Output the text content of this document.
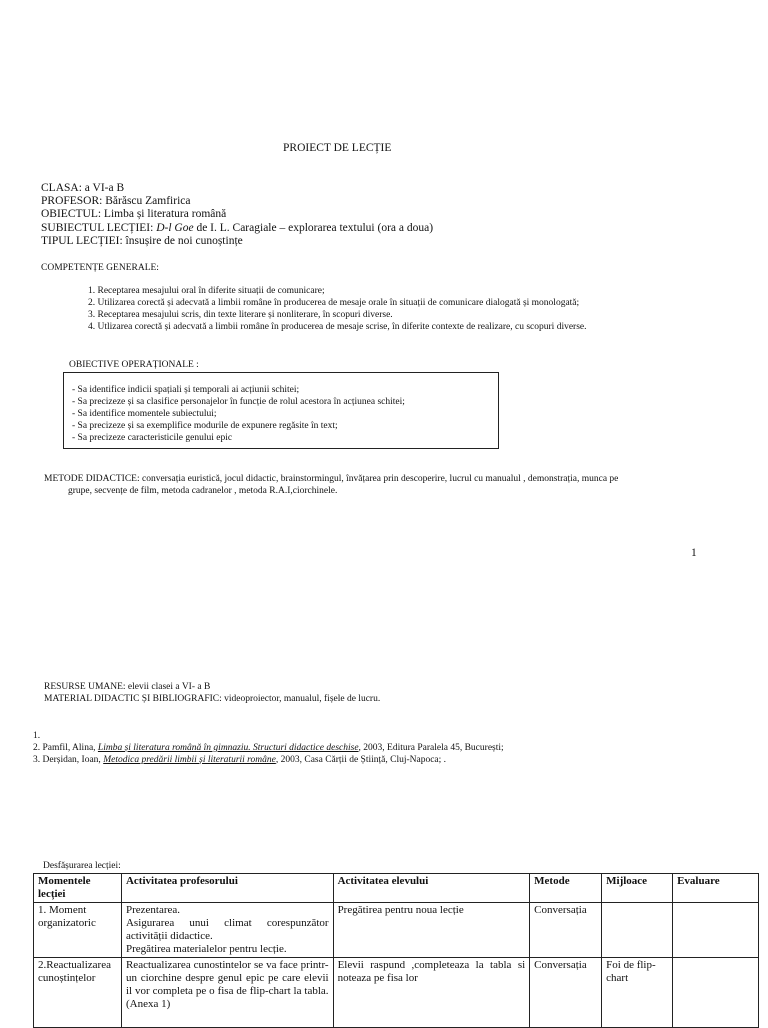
PROIECT DE LECȚIE
CLASA: a VI-a B
PROFESOR: Bărăscu Zamfirica
OBIECTUL: Limba și literatura română
SUBIECTUL LECȚIEI: D-l Goe de I. L. Caragiale – explorarea textului (ora a doua)
TIPUL LECȚIEI: însușire de noi cunoștințe
COMPETENȚE GENERALE:
1. Receptarea mesajului oral în diferite situații de comunicare;
2. Utilizarea corectă și adecvată a limbii române în producerea de mesaje orale în situații de comunicare dialogată și monologată;
3. Receptarea mesajului scris, din texte literare și nonliterare, în scopuri diverse.
4. Utlizarea corectă și adecvată a limbii române în producerea de mesaje scrise, în diferite contexte de realizare, cu scopuri diverse.
OBIECTIVE OPERAȚIONALE :
- Sa identifice indicii spațiali și temporali ai acțiunii schitei;
- Sa precizeze și sa clasifice personajelor în funcție de rolul acestora în acțiunea schitei;
- Sa identifice momentele subiectului;
- Sa precizeze și sa exemplifice modurile de expunere regăsite în text;
- Sa precizeze caracteristicile genului epic
METODE DIDACTICE: conversația euristică, jocul didactic, brainstormingul, învățarea prin descoperire, lucrul cu manualul , demonstrația, munca pe
grupe, secvențe de film, metoda cadranelor , metoda R.A.I,ciorchinele.
1
RESURSE UMANE: elevii clasei a VI- a B
MATERIAL DIDACTIC ȘI BIBLIOGRAFIC: videoproiector, manualul, fișele de lucru.
1.
2. Pamfil, Alina, Limba și literatura română în gimnaziu. Structuri didactice deschise, 2003, Editura Paralela 45, București;
3. Derșidan, Ioan, Metodica predării limbii și literaturii române, 2003, Casa Cărții de Știință, Cluj-Napoca; .
Desfășurarea lecției:
Momentele lecției	Activitatea profesorului	Activitatea elevului	Metode	Mijloace	Evaluare
1. Moment organizatoric	Prezentarea.
Asigurarea unui climat corespunzător activității didactice.
Pregătirea materialelor pentru lecție.	Pregătirea pentru noua lecție	Conversația		
2.Reactualizarea cunoștințelor	Reactualizarea cunostintelor se va face printr-un ciorchine despre genul epic pe care elevii il vor completa pe o fisa de flip-chart la tabla.(Anexa 1)	Elevii raspund ,completeaza la tabla si noteaza pe fisa lor	Conversația	Foi de flip-chart	
